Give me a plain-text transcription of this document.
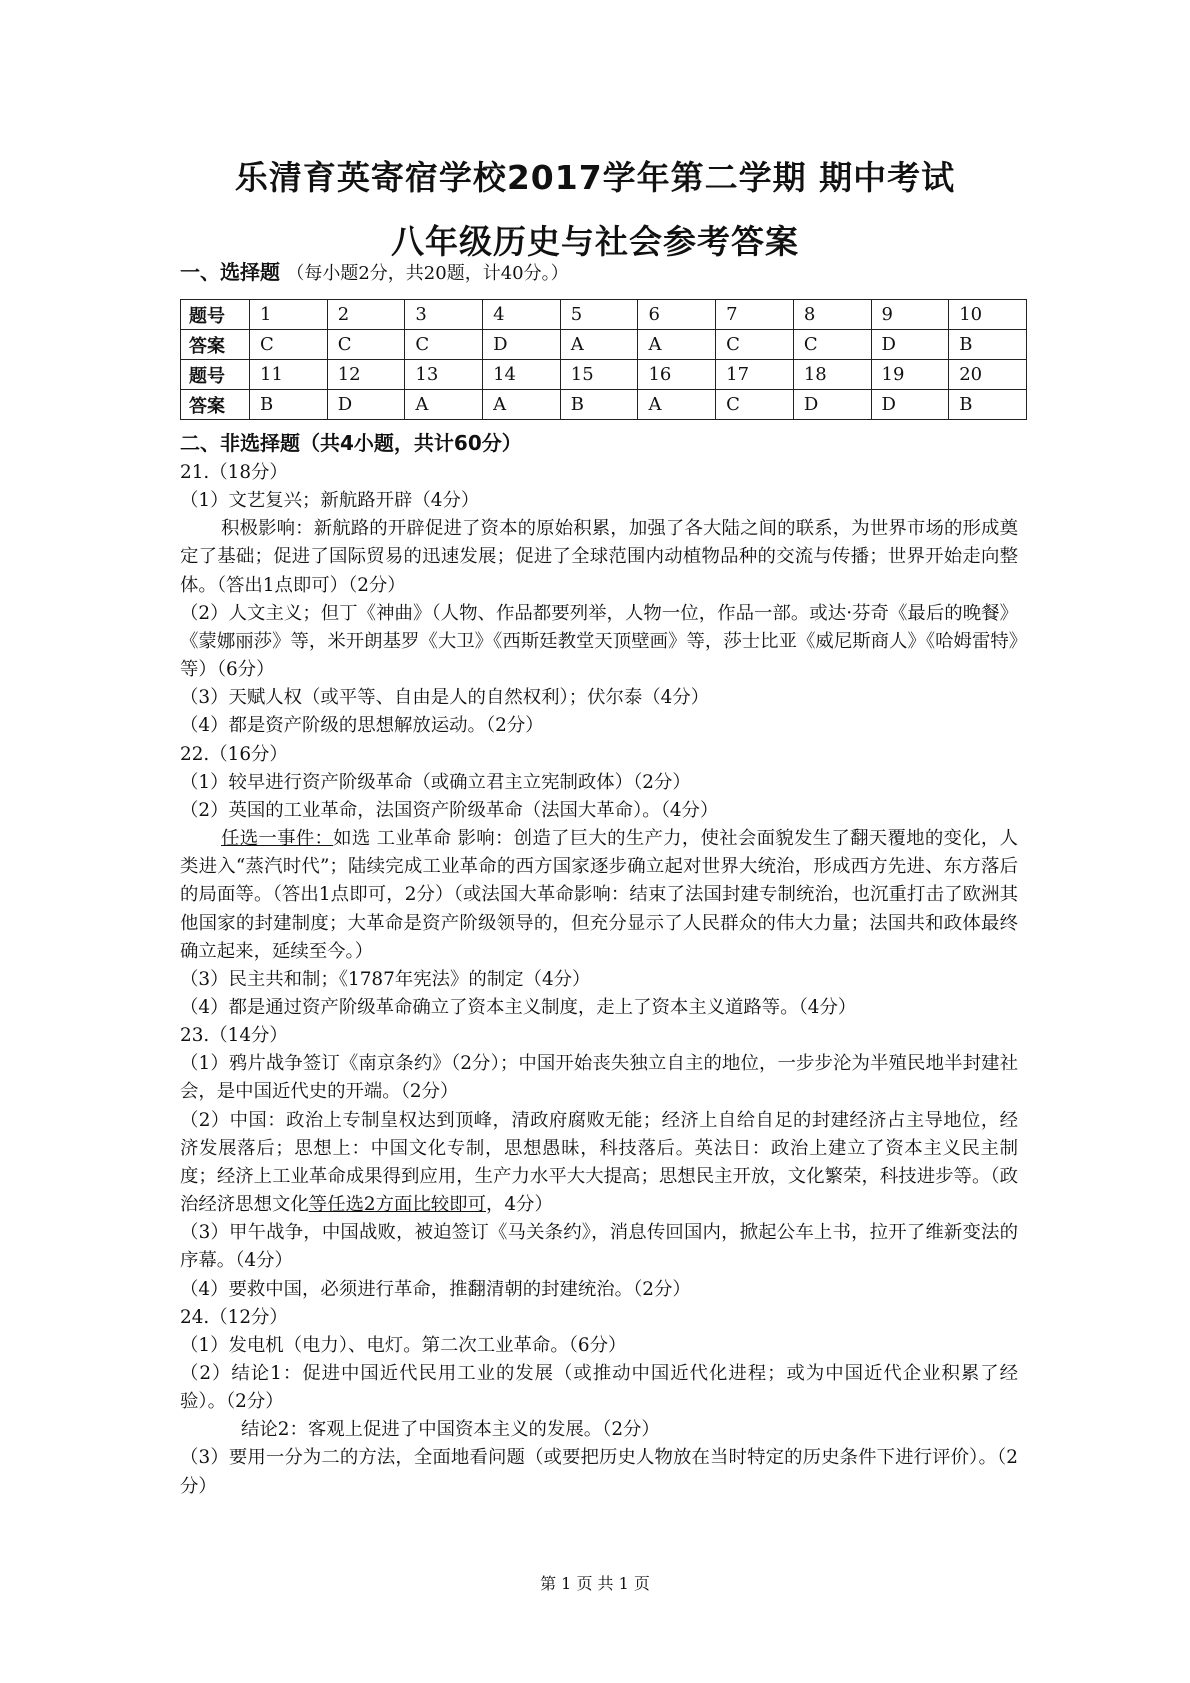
乐清育英寄宿学校2017学年第二学期 期中考试
八年级历史与社会参考答案
一、选择题 （每小题2分，共20题，计40分。）
题号	1	2	3	4	5	6	7	8	9	10
答案	C	C	C	D	A	A	C	C	D	B
题号	11	12	13	14	15	16	17	18	19	20
答案	B	D	A	A	B	A	C	D	D	B
二、非选择题（共4小题，共计60分）

21.（18分）

（1）文艺复兴；新航路开辟（4分）

积极影响：新航路的开辟促进了资本的原始积累，加强了各大陆之间的联系，为世界市场的形成奠定了基础；促进了国际贸易的迅速发展；促进了全球范围内动植物品种的交流与传播；世界开始走向整体。（答出1点即可）（2分）

（2）人文主义；但丁《神曲》（人物、作品都要列举，人物一位，作品一部。或达·芬奇《最后的晚餐》《蒙娜丽莎》等，米开朗基罗《大卫》《西斯廷教堂天顶壁画》等，莎士比亚《威尼斯商人》《哈姆雷特》等）（6分）

（3）天赋人权（或平等、自由是人的自然权利）；伏尔泰（4分）

（4）都是资产阶级的思想解放运动。（2分）

22.（16分）

（1）较早进行资产阶级革命（或确立君主立宪制政体）（2分）

（2）英国的工业革命，法国资产阶级革命（法国大革命）。（4分）

任选一事件：如选 工业革命 影响：创造了巨大的生产力，使社会面貌发生了翻天覆地的变化，人类进入“蒸汽时代”；陆续完成工业革命的西方国家逐步确立起对世界大统治，形成西方先进、东方落后的局面等。（答出1点即可，2分）（或法国大革命影响：结束了法国封建专制统治，也沉重打击了欧洲其他国家的封建制度；大革命是资产阶级领导的，但充分显示了人民群众的伟大力量；法国共和政体最终确立起来，延续至今。）

（3）民主共和制；《1787年宪法》的制定（4分）

（4）都是通过资产阶级革命确立了资本主义制度，走上了资本主义道路等。（4分）

23.（14分）

（1）鸦片战争签订《南京条约》（2分）；中国开始丧失独立自主的地位，一步步沦为半殖民地半封建社会，是中国近代史的开端。（2分）

（2）中国：政治上专制皇权达到顶峰，清政府腐败无能；经济上自给自足的封建经济占主导地位，经济发展落后；思想上：中国文化专制，思想愚昧，科技落后。英法日：政治上建立了资本主义民主制度；经济上工业革命成果得到应用，生产力水平大大提高；思想民主开放，文化繁荣，科技进步等。（政治经济思想文化等任选2方面比较即可，4分）

（3）甲午战争，中国战败，被迫签订《马关条约》，消息传回国内，掀起公车上书，拉开了维新变法的序幕。（4分）

（4）要救中国，必须进行革命，推翻清朝的封建统治。（2分）

24.（12分）

（1）发电机（电力）、电灯。第二次工业革命。（6分）

（2）结论1：促进中国近代民用工业的发展（或推动中国近代化进程；或为中国近代企业积累了经验）。（2分）

结论2：客观上促进了中国资本主义的发展。（2分）

（3）要用一分为二的方法，全面地看问题（或要把历史人物放在当时特定的历史条件下进行评价）。（2分）

第 1 页 共 1 页
